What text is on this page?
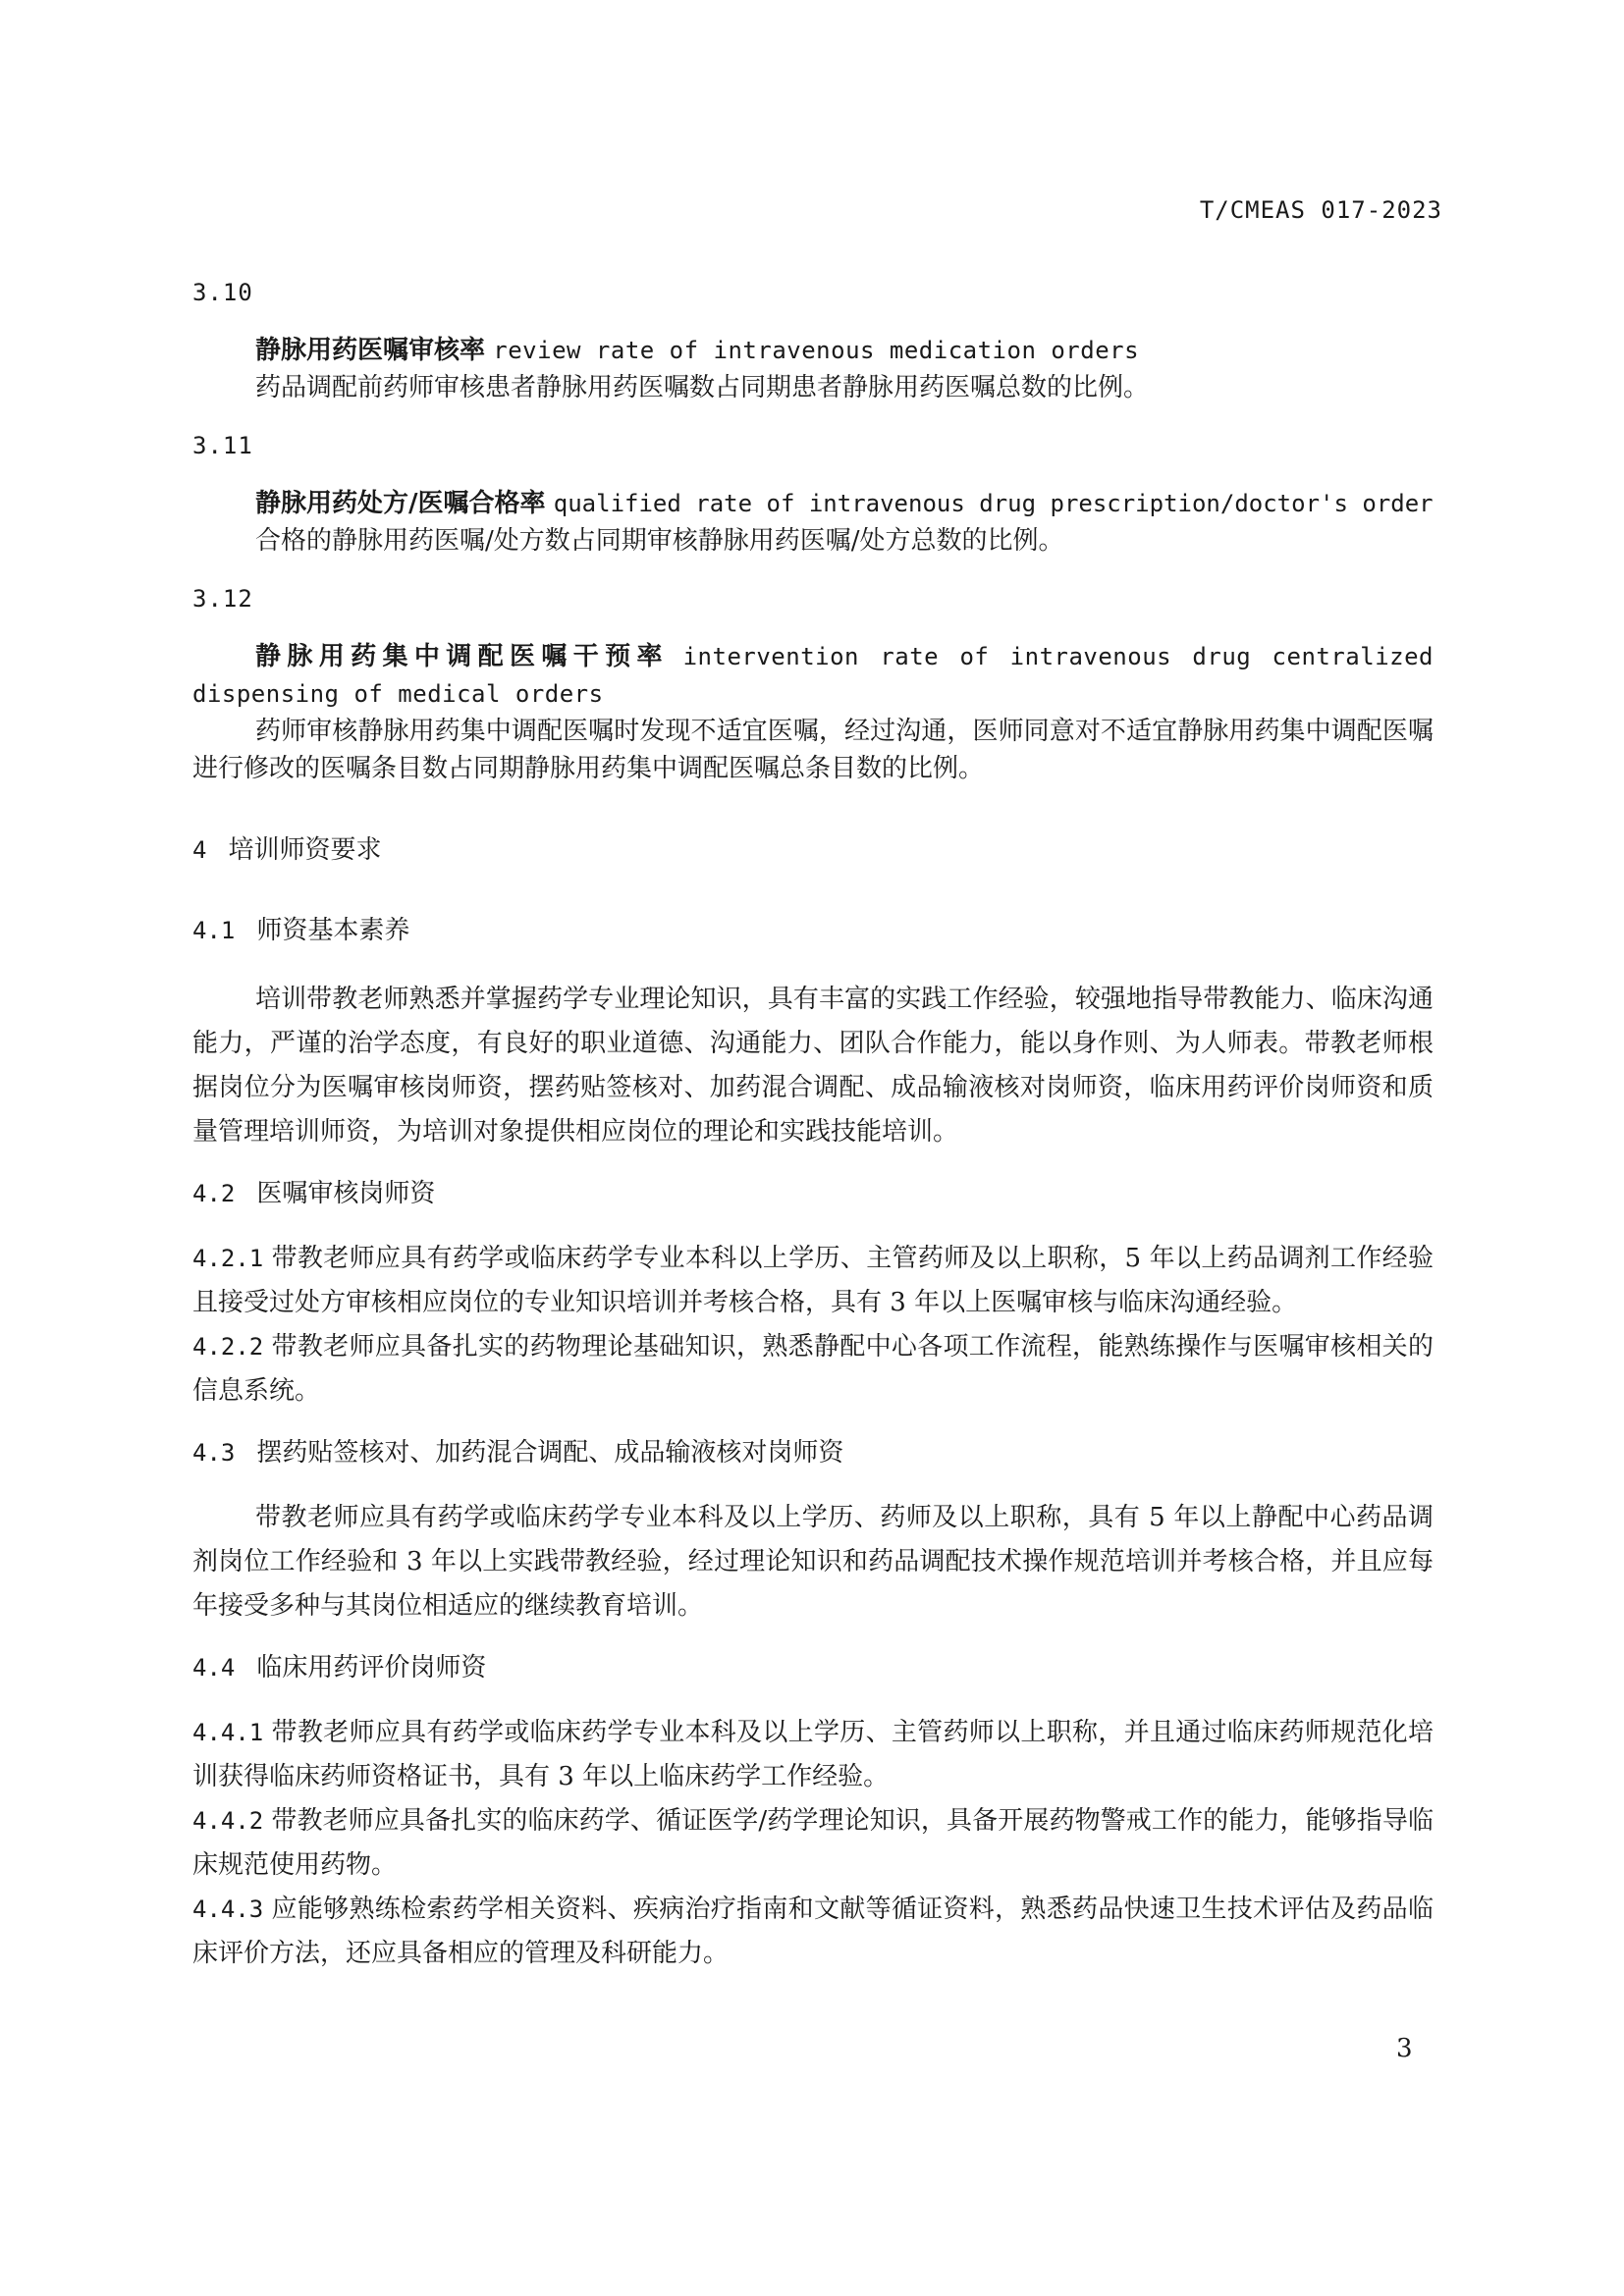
T/CMEAS 017-2023
3.10

静脉用药医嘱审核率 review rate of intravenous medication orders

药品调配前药师审核患者静脉用药医嘱数占同期患者静脉用药医嘱总数的比例。

3.11

静脉用药处方/医嘱合格率 qualified rate of intravenous drug prescription/doctor's order

合格的静脉用药医嘱/处方数占同期审核静脉用药医嘱/处方总数的比例。

3.12

静脉用药集中调配医嘱干预率 intervention rate of intravenous drug centralized dispensing of medical orders

药师审核静脉用药集中调配医嘱时发现不适宜医嘱，经过沟通，医师同意对不适宜静脉用药集中调配医嘱进行修改的医嘱条目数占同期静脉用药集中调配医嘱总条目数的比例。

4 培训师资要求

4.1 师资基本素养

培训带教老师熟悉并掌握药学专业理论知识，具有丰富的实践工作经验，较强地指导带教能力、临床沟通能力，严谨的治学态度，有良好的职业道德、沟通能力、团队合作能力，能以身作则、为人师表。带教老师根据岗位分为医嘱审核岗师资，摆药贴签核对、加药混合调配、成品输液核对岗师资，临床用药评价岗师资和质量管理培训师资，为培训对象提供相应岗位的理论和实践技能培训。

4.2 医嘱审核岗师资

4.2.1 带教老师应具有药学或临床药学专业本科以上学历、主管药师及以上职称，5 年以上药品调剂工作经验且接受过处方审核相应岗位的专业知识培训并考核合格，具有 3 年以上医嘱审核与临床沟通经验。

4.2.2 带教老师应具备扎实的药物理论基础知识，熟悉静配中心各项工作流程，能熟练操作与医嘱审核相关的信息系统。

4.3 摆药贴签核对、加药混合调配、成品输液核对岗师资

带教老师应具有药学或临床药学专业本科及以上学历、药师及以上职称，具有 5 年以上静配中心药品调剂岗位工作经验和 3 年以上实践带教经验，经过理论知识和药品调配技术操作规范培训并考核合格，并且应每年接受多种与其岗位相适应的继续教育培训。

4.4 临床用药评价岗师资

4.4.1 带教老师应具有药学或临床药学专业本科及以上学历、主管药师以上职称，并且通过临床药师规范化培训获得临床药师资格证书，具有 3 年以上临床药学工作经验。

4.4.2 带教老师应具备扎实的临床药学、循证医学/药学理论知识，具备开展药物警戒工作的能力，能够指导临床规范使用药物。

4.4.3 应能够熟练检索药学相关资料、疾病治疗指南和文献等循证资料，熟悉药品快速卫生技术评估及药品临床评价方法，还应具备相应的管理及科研能力。

3
